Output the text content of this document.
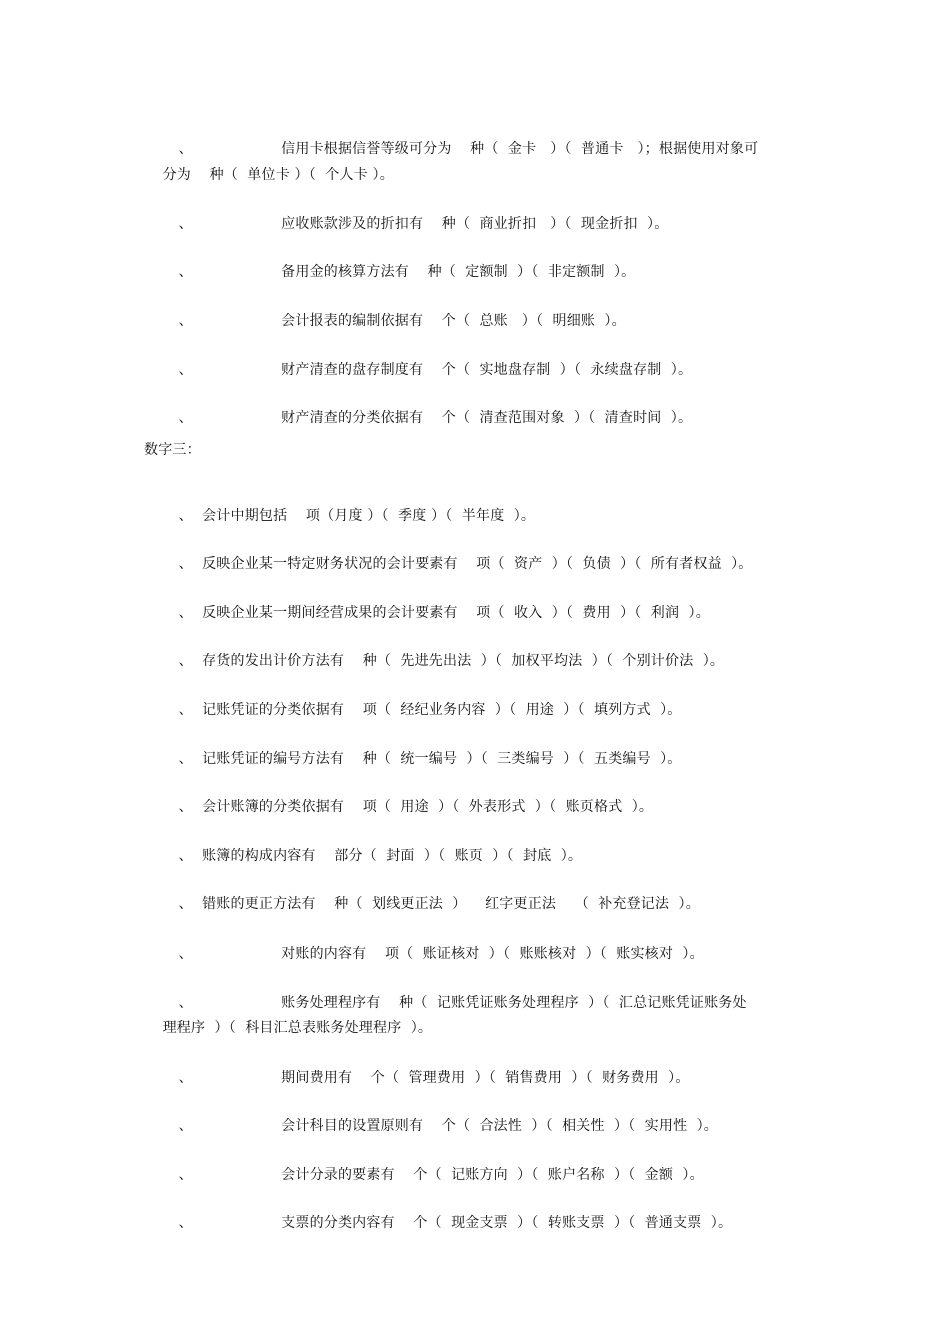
、                   信用卡根据信誉等级可分为    种（  金卡   ）（  普通卡   ）；根据使用对象可

分为    种（  单位卡 ）（  个人卡 ）。

、                   应收账款涉及的折扣有    种（  商业折扣   ）（  现金折扣  ）。

、                   备用金的核算方法有    种（  定额制  ）（  非定额制  ）。

、                   会计报表的编制依据有    个（  总账   ）（  明细账  ）。

、                   财产清查的盘存制度有    个（  实地盘存制  ）（  永续盘存制  ）。

、                   财产清查的分类依据有    个（  清查范围对象  ）（  清查时间  ）。

数字三：

、  会计中期包括    项（月度 ）（  季度 ）（  半年度  ）。

、  反映企业某一特定财务状况的会计要素有    项（  资产  ）（  负债  ）（  所有者权益  ）。

、  反映企业某一期间经营成果的会计要素有    项（  收入  ）（  费用  ）（  利润  ）。

、  存货的发出计价方法有    种（  先进先出法  ）（  加权平均法  ）（  个别计价法  ）。

、  记账凭证的分类依据有    项（  经纪业务内容  ）（  用途  ）（  填列方式  ）。

、  记账凭证的编号方法有    种（  统一编号  ）（  三类编号  ）（  五类编号  ）。

、  会计账簿的分类依据有    项（  用途  ）（  外表形式  ）（  账页格式  ）。

、  账簿的构成内容有    部分（  封面  ）（  账页  ）（  封底  ）。

、  错账的更正方法有    种（  划线更正法  ）    红字更正法    （  补充登记法  ）。

、                   对账的内容有    项（  账证核对  ）（  账账核对  ）（  账实核对  ）。

、                   账务处理程序有    种（  记账凭证账务处理程序  ）（  汇总记账凭证账务处

理程序  ）（  科目汇总表账务处理程序  ）。

、                   期间费用有    个（  管理费用  ）（  销售费用  ）（  财务费用  ）。

、                   会计科目的设置原则有    个（  合法性  ）（  相关性  ）（  实用性  ）。

、                   会计分录的要素有    个（  记账方向  ）（  账户名称  ）（  金额  ）。

、                   支票的分类内容有    个（  现金支票  ）（  转账支票  ）（  普通支票  ）。
